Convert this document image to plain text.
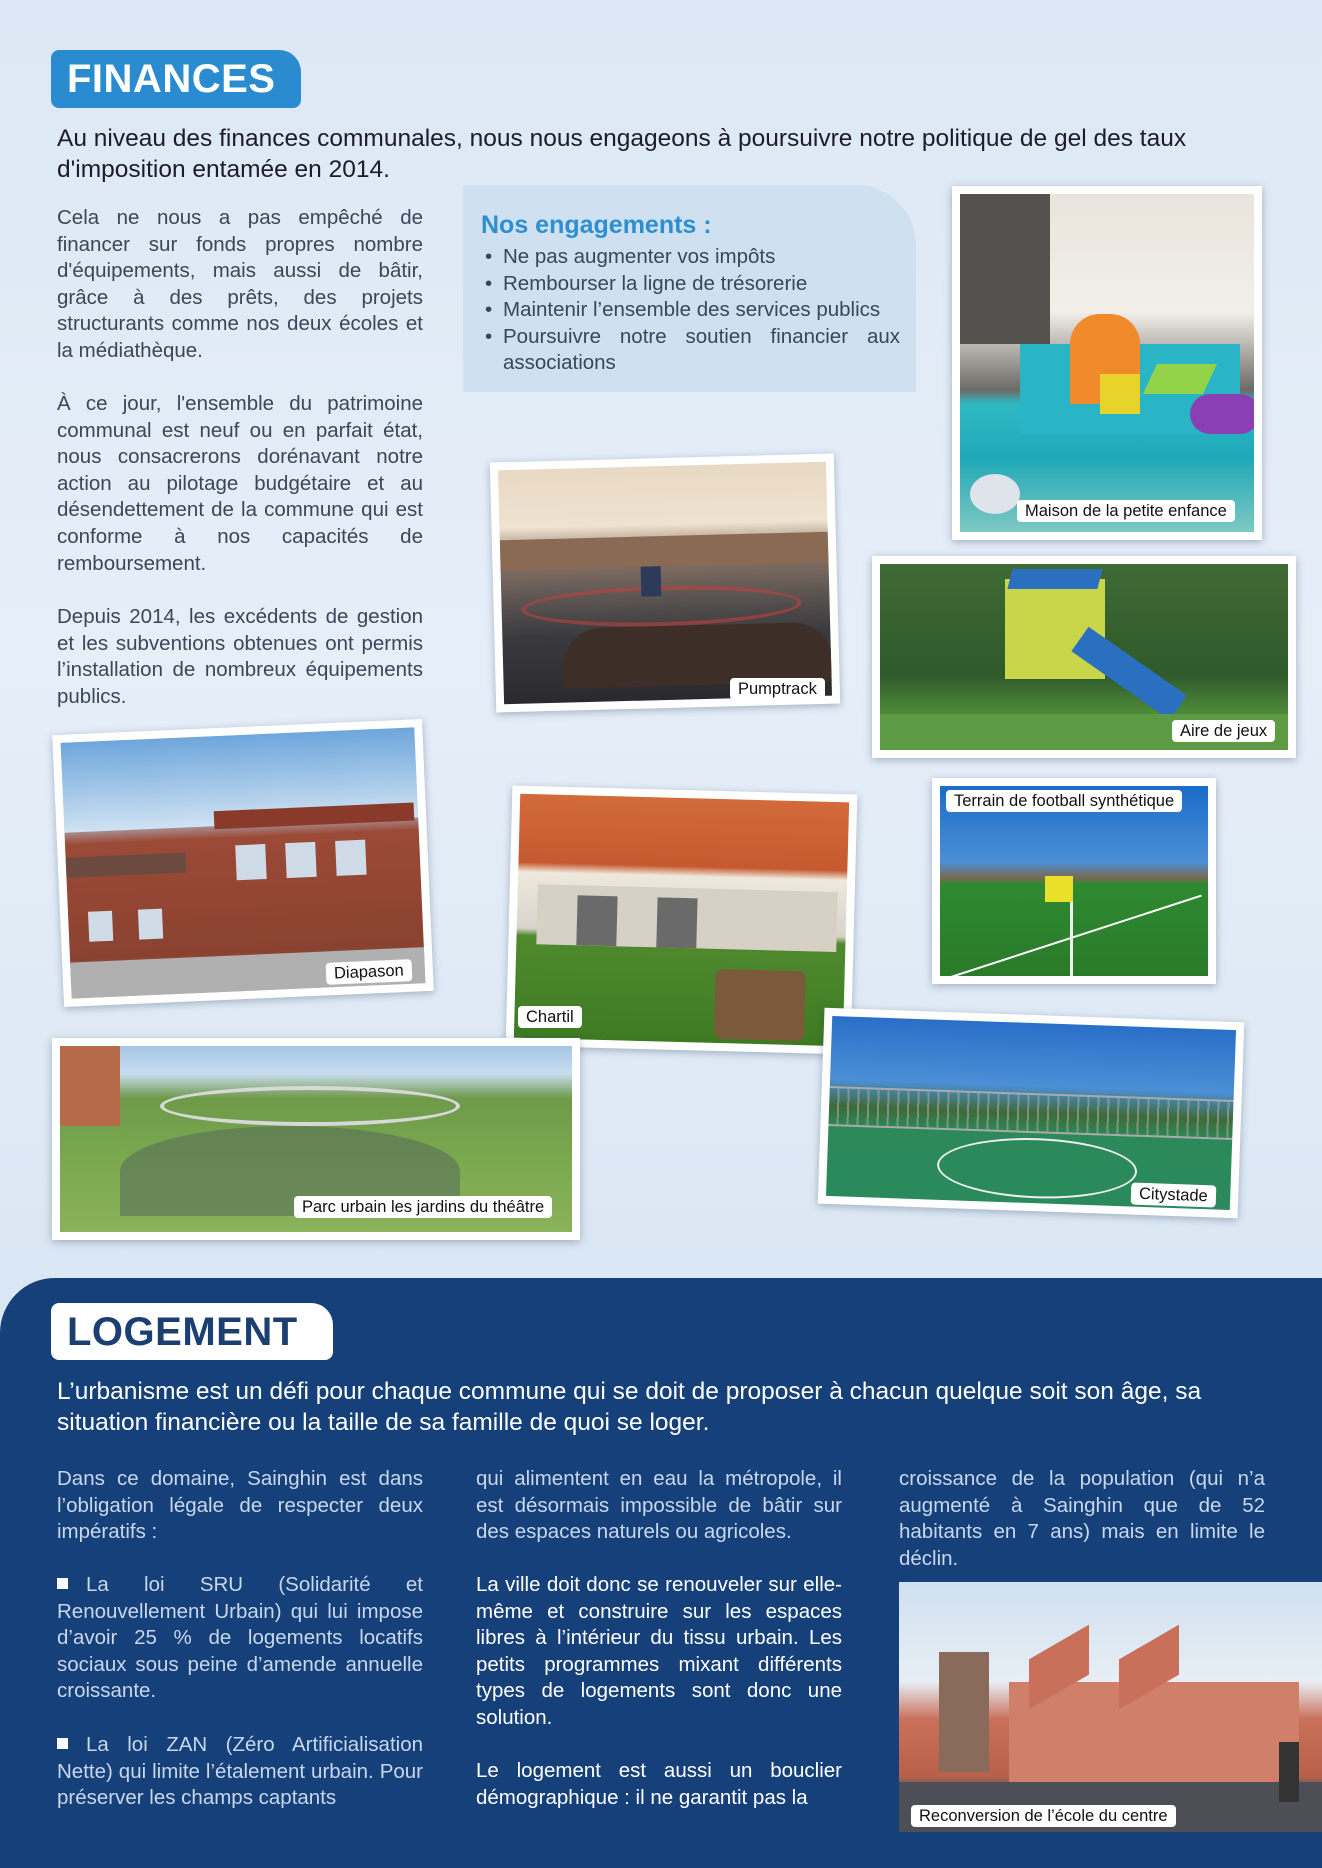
FINANCES
Au niveau des finances communales, nous nous engageons à poursuivre notre politique de gel des taux d'imposition entamée en 2014.
Cela ne nous a pas empêché de financer sur fonds propres nombre d'équipements, mais aussi de bâtir, grâce à des prêts, des projets structurants comme nos deux écoles et la médiathèque.
À ce jour, l'ensemble du patrimoine communal est neuf ou en parfait état, nous consacrerons dorénavant notre action au pilotage budgétaire et au désendettement de la commune qui est conforme à nos capacités de remboursement.
Depuis 2014, les excédents de gestion et les subventions obtenues ont permis l’installation de nombreux équipements publics.
Nos engagements :
• Ne pas augmenter vos impôts
• Rembourser la ligne de trésorerie
• Maintenir l’ensemble des services publics
• Poursuivre notre soutien financier aux associations
Maison de la petite enfance
Pumptrack
Aire de jeux
Diapason
Chartil
Terrain de football synthétique
Parc urbain les jardins du théâtre
Citystade
LOGEMENT
L’urbanisme est un défi pour chaque commune qui se doit de proposer à chacun quelque soit son âge, sa situation financière ou la taille de sa famille de quoi se loger.
Dans ce domaine, Sainghin est dans l’obligation légale de respecter deux impératifs :
La loi SRU (Solidarité et Renouvellement Urbain) qui lui impose d’avoir 25 % de logements locatifs sociaux sous peine d’amende annuelle croissante.
La loi ZAN (Zéro Artificialisation Nette) qui limite l’étalement urbain. Pour préserver les champs captants
qui alimentent en eau la métropole, il est désormais impossible de bâtir sur des espaces naturels ou agricoles.
La ville doit donc se renouveler sur elle-même et construire sur les espaces libres à l’intérieur du tissu urbain. Les petits programmes mixant différents types de logements sont donc une solution.
Le logement est aussi un bouclier démographique : il ne garantit pas la
croissance de la population (qui n’a augmenté à Sainghin que de 52 habitants en 7 ans) mais en limite le déclin.
Reconversion de l’école du centre
